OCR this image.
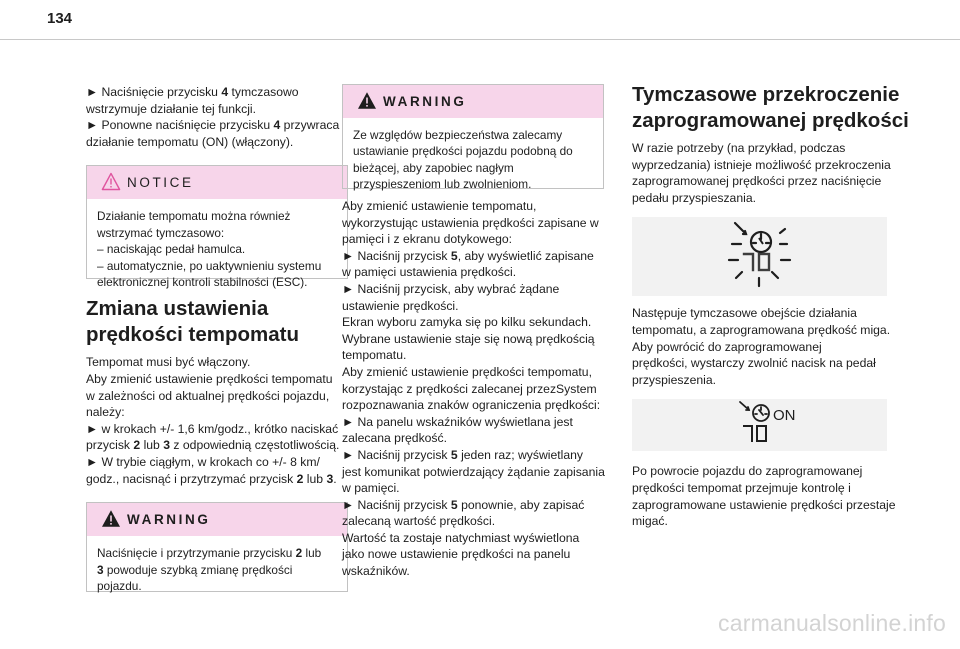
134

► Naciśnięcie przycisku 4 tymczasowo
wstrzymuje działanie tej funkcji.
► Ponowne naciśnięcie przycisku 4 przywraca
działanie tempomatu (ON) (włączony).

NOTICE

Działanie tempomatu można również
wstrzymać tymczasowo:
– naciskając pedał hamulca.
– automatycznie, po uaktywnieniu systemu
elektronicznej kontroli stabilności (ESC).

Zmiana ustawienia
prędkości tempomatu

Tempomat musi być włączony.
Aby zmienić ustawienie prędkości tempomatu
w zależności od aktualnej prędkości pojazdu,
należy:
► w krokach +/- 1,6 km/godz., krótko naciskać
przycisk 2 lub 3 z odpowiednią częstotliwością.
► W trybie ciągłym, w krokach co +/- 8 km/
godz., nacisnąć i przytrzymać przycisk 2 lub 3.

WARNING

Naciśnięcie i przytrzymanie przycisku 2 lub
3 powoduje szybką zmianę prędkości
pojazdu.

WARNING

Ze względów bezpieczeństwa zalecamy
ustawianie prędkości pojazdu podobną do
bieżącej, aby zapobiec nagłym
przyspieszeniom lub zwolnieniom.

Aby zmienić ustawienie tempomatu,
wykorzystując ustawienia prędkości zapisane w
pamięci i z ekranu dotykowego:
► Naciśnij przycisk 5, aby wyświetlić zapisane
w pamięci ustawienia prędkości.
► Naciśnij przycisk, aby wybrać żądane
ustawienie prędkości.
Ekran wyboru zamyka się po kilku sekundach.
Wybrane ustawienie staje się nową prędkością
tempomatu.
Aby zmienić ustawienie prędkości tempomatu,
korzystając z prędkości zalecanej przezSystem
rozpoznawania znaków ograniczenia prędkości:
► Na panelu wskaźników wyświetlana jest
zalecana prędkość.
► Naciśnij przycisk 5 jeden raz; wyświetlany
jest komunikat potwierdzający żądanie zapisania
w pamięci.
► Naciśnij przycisk 5 ponownie, aby zapisać
zalecaną wartość prędkości.
Wartość ta zostaje natychmiast wyświetlona
jako nowe ustawienie prędkości na panelu
wskaźników.

Tymczasowe przekroczenie
zaprogramowanej prędkości

W razie potrzeby (na przykład, podczas
wyprzedzania) istnieje możliwość przekroczenia
zaprogramowanej prędkości przez naciśnięcie
pedału przyspieszania.

Następuje tymczasowe obejście działania
tempomatu, a zaprogramowana prędkość miga.
Aby powrócić do zaprogramowanej
prędkości, wystarczy zwolnić nacisk na pedał
przyspieszenia.

ON

Po powrocie pojazdu do zaprogramowanej
prędkości tempomat przejmuje kontrolę i
zaprogramowane ustawienie prędkości przestaje
migać.

carmanualsonline.info
